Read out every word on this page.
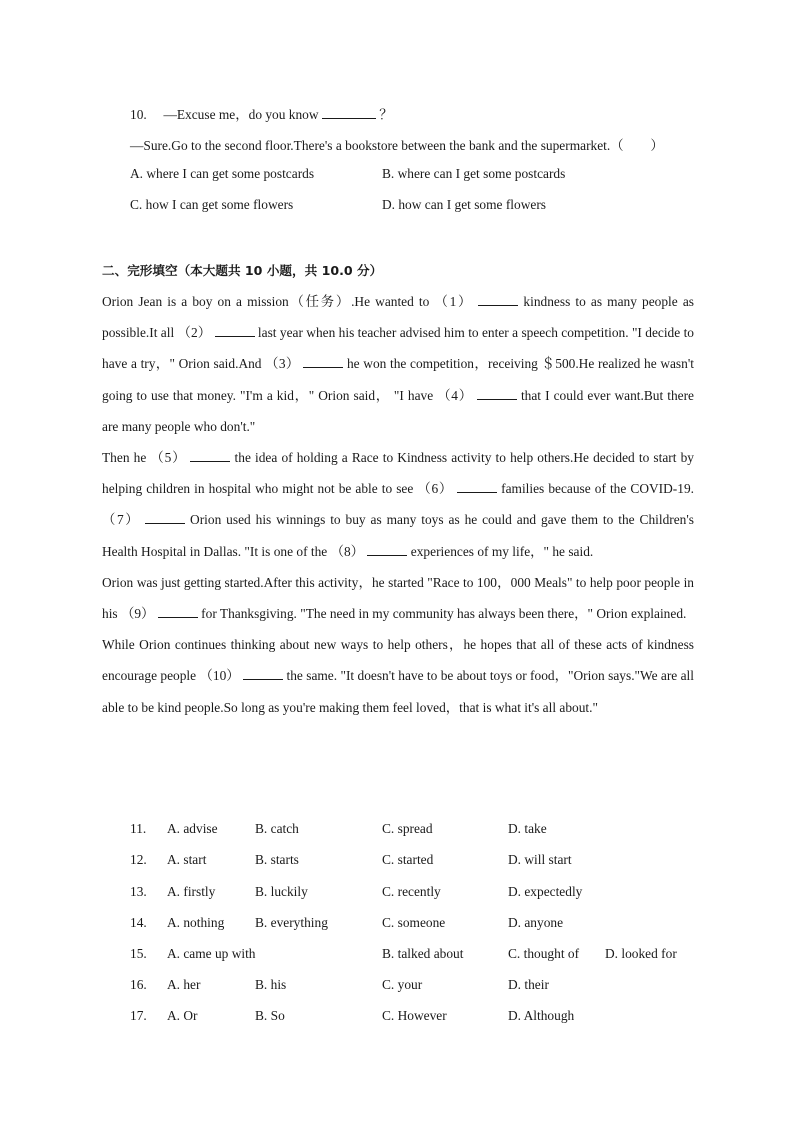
10. —Excuse me，do you know	？
—Sure.Go to the second floor.There's a bookstore between the bank and the supermarket.（　　）
A. where I can get some postcards	B. where can I get some postcards
C. how I can get some flowers	D. how can I get some flowers
二、完形填空（本大题共 10 小题，共 10.0 分）

Orion Jean is a boy on a mission（任务）.He wanted to （1）	kindness to as many people as possible.It all （2）	last year when his teacher advised him to enter a speech competition. "I decide to have a try，" Orion said.And （3）	he won the competition，receiving ＄500.He realized he wasn't going to use that money. "I'm a kid，" Orion said， "I have （4）	that I could ever want.But there are many people who don't."

Then he （5）	the idea of holding a Race to Kindness activity to help others.He decided to start by helping children in hospital who might not be able to see （6）	families because of the COVID-19. （7）	Orion used his winnings to buy as many toys as he could and gave them to the Children's Health Hospital in Dallas. "It is one of the （8）	experiences of my life，" he said.

Orion was just getting started.After this activity，he started "Race to 100，000 Meals" to help poor people in his （9）	for Thanksgiving. "The need in my community has always been there，" Orion explained.

While Orion continues thinking about new ways to help others，he hopes that all of these acts of kindness encourage people （10）	the same. "It doesn't have to be about toys or food，"Orion says."We are all able to be kind people.So long as you're making them feel loved，that is what it's all about."

11. A. advise	B. catch	C. spread	D. take
12. A. start	B. starts	C. started	D. will start
13. A. firstly	B. luckily	C. recently	D. expectedly
14. A. nothing B. everything	C. someone	D. anyone
15. A. came up with	B. talked about	C. thought of D. looked for
16. A. her	B. his	C. your	D. their
17. A. Or	B. So	C. However	D. Although
